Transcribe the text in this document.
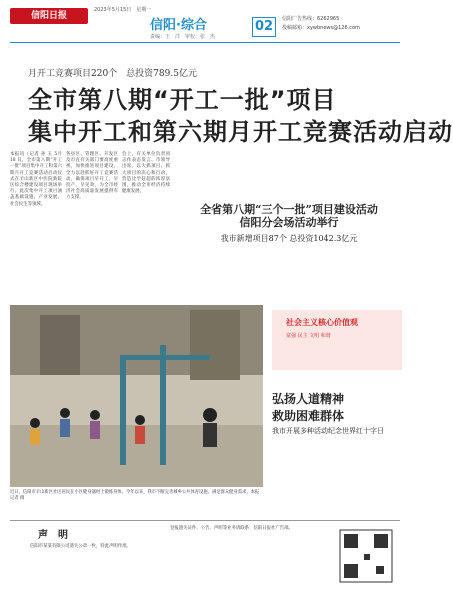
信阳日报
2023年5月15日　星期一
信阳·综合
责编：王　洋　审校：张　杰
02	信阳广告热线：6262965
投稿邮箱：xywbnews@126.com
月开工竞赛项目220个　总投资789.5亿元
全市第八期“开工一批”项目
集中开工和第六期月开工竞赛活动启动
本报讯（记者 孙 玉 5月 18 日，全市第八期“开工一批”项目集中开工和第六期月开工竞赛活动启动仪式在羊山新区中医院新院区综合楼建设项目现场举行。此次集中开工项目涵盖基础设施、产业发展、社会民生等领域。
各县区、管理区、开发区及市直有关部门要高度重视，加快推进项目建设，全力以赴抓好开工竞赛活动，确保项目早开工、早投产、早见效，为全市经济社会高质量发展提供有力支撑。
会上，有关单位负责同志作表态发言。市领导出席。以大抓项目、抓大项目的决心和行动，营造比学赶超的浓厚氛围，推动全市经济持续健康发展。
全省第八期“三个一批”项目建设活动
信阳分会场活动举行
我市新增项目87个 总投资1042.3亿元
近日，信阳市羊山新区社区居民在小区健身器材上锻炼身体。今年以来，我市不断完善城乡公共体育设施，满足群众健身需求。本报记者 摄
社会主义核心价值观
富强 民主 文明 和谐
弘扬人道精神
救助困难群体
我市开展多种活动纪念世界红十字日
声　明
信阳市某某有限公司遗失公章一枚，特此声明作废。
登报遗失证件、公告、声明等业务请联系：信阳日报社广告部。
